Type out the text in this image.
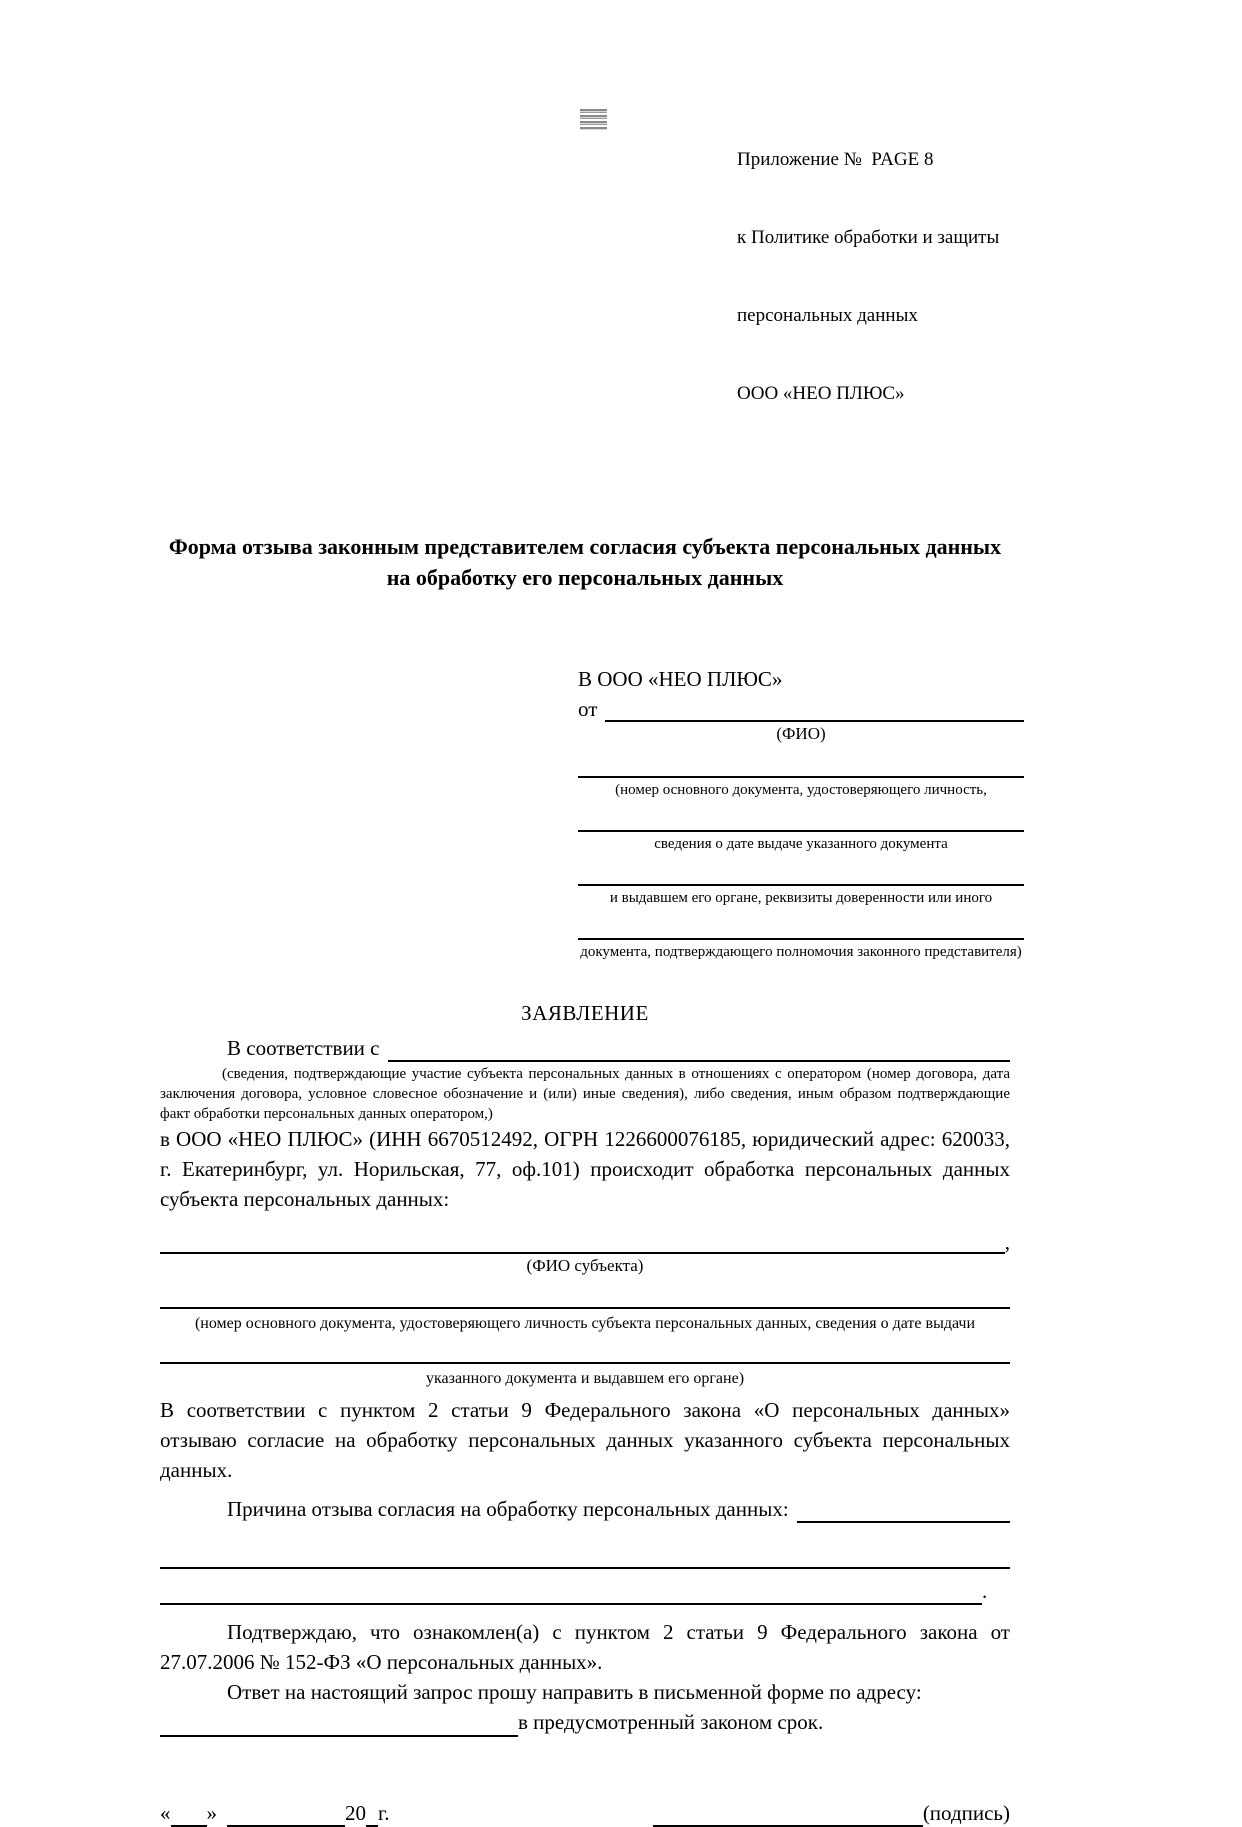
Приложение №  PAGE 8

к Политике обработки и защиты

персональных данных

ООО «НЕО ПЛЮС»

Форма отзыва законным представителем согласия субъекта персональных данных на обработку его персональных данных
В ООО «НЕО ПЛЮС»
от
(ФИО)
(номер основного документа, удостоверяющего личность,
сведения о дате выдаче указанного документа
и выдавшем его органе, реквизиты доверенности или иного
документа, подтверждающего полномочия законного представителя)
ЗАЯВЛЕНИЕ
В соответствии с
(сведения, подтверждающие участие субъекта персональных данных в отношениях с оператором (номер договора, дата заключения договора, условное словесное обозначение и (или) иные сведения), либо сведения, иным образом подтверждающие факт обработки персональных данных оператором,)
в ООО «НЕО ПЛЮС» (ИНН 6670512492, ОГРН 1226600076185, юридический адрес: 620033, г. Екатеринбург, ул. Норильская, 77, оф.101) происходит обработка персональных данных субъекта персональных данных:
,
(ФИО субъекта)
(номер основного документа, удостоверяющего личность субъекта персональных данных, сведения о дате выдачи
указанного документа и выдавшем его органе)
В соответствии с пунктом 2 статьи 9 Федерального закона «О персональных данных» отзываю согласие на обработку персональных данных указанного субъекта персональных данных.
Причина отзыва согласия на обработку персональных данных:
.
Подтверждаю, что ознакомлен(а) с пунктом 2 статьи 9 Федерального закона от 27.07.2006 № 152-ФЗ «О персональных данных».
Ответ на настоящий запрос прошу направить в письменной форме по адресу:
в предусмотренный законом срок.
« »	20 г.	(подпись)
